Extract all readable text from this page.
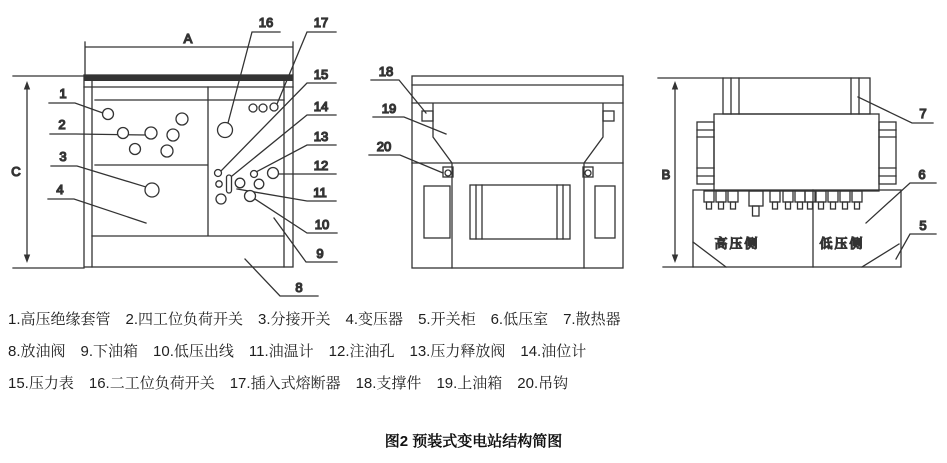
A
C
1
2
3
4
16	17
15
14
13
12
11
10
9
8
18
19
20
高压侧	低压侧
B
7
6
5
1.高压绝缘套管 2.四工位负荷开关 3.分接开关 4.变压器 5.开关柜 6.低压室 7.散热器
8.放油阀 9.下油箱 10.低压出线 11.油温计 12.注油孔 13.压力释放阀 14.油位计
15.压力表 16.二工位负荷开关 17.插入式熔断器 18.支撑件 19.上油箱 20.吊钩
图2 预装式变电站结构简图
